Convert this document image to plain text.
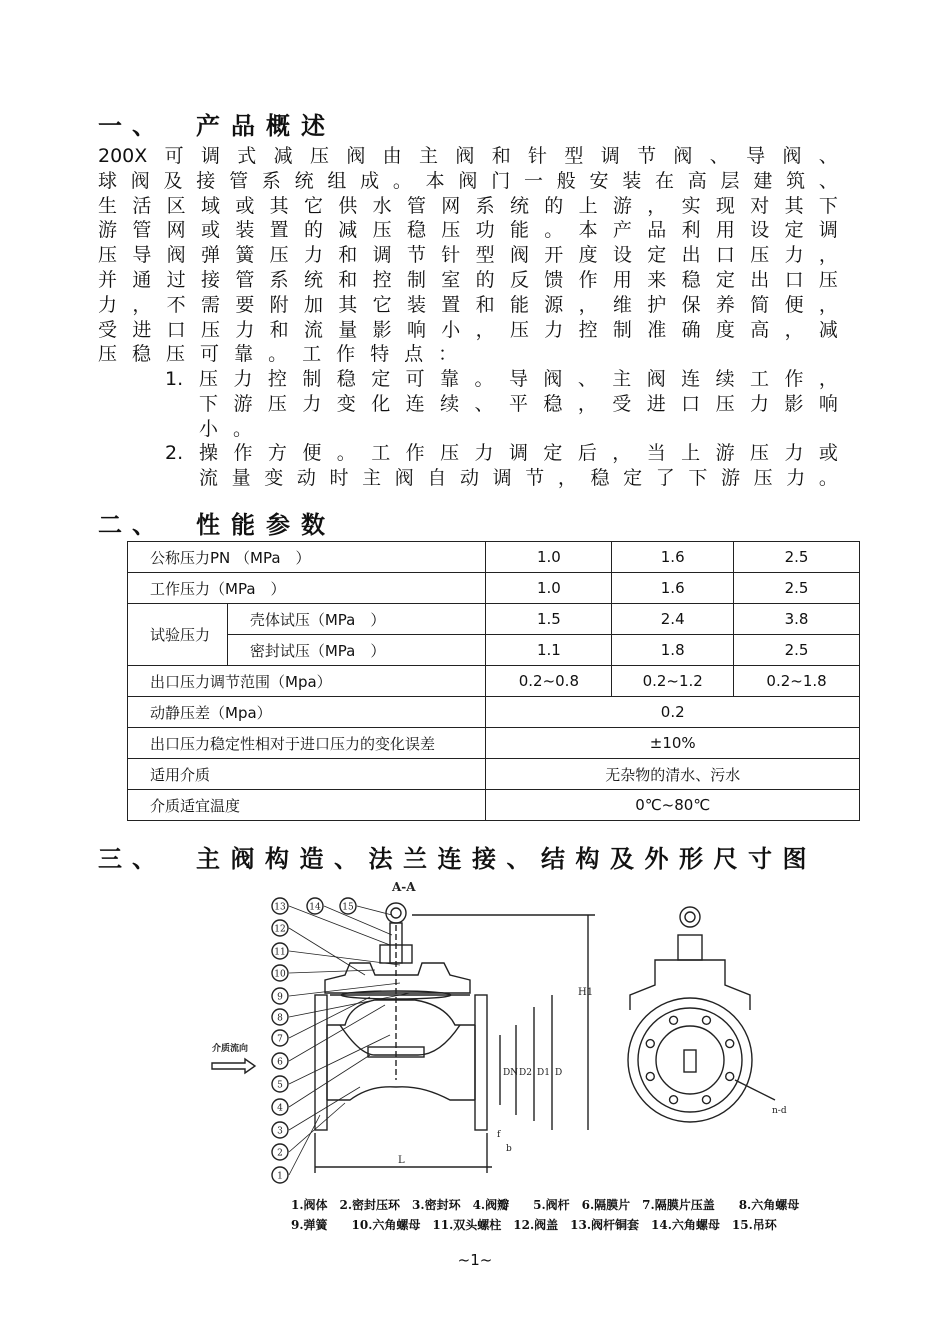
一、 产品概述
200X 可 调 式 减 压 阀 由 主 阀 和 针 型 调 节 阀 、 导 阀 、
球 阀 及 接 管 系 统 组 成 。 本 阀 门 一 般 安 装 在 高 层 建 筑 、
生 活 区 域 或 其 它 供 水 管 网 系 统 的 上 游 ， 实 现 对 其 下
游 管 网 或 装 置 的 减 压 稳 压 功 能 。 本 产 品 利 用 设 定 调
压 导 阀 弹 簧 压 力 和 调 节 针 型 阀 开 度 设 定 出 口 压 力 ，
并 通 过 接 管 系 统 和 控 制 室 的 反 馈 作 用 来 稳 定 出 口 压
力 ， 不 需 要 附 加 其 它 装 置 和 能 源 ， 维 护 保 养 简 便 ，
受 进 口 压 力 和 流 量 影 响 小 ， 压 力 控 制 准 确 度 高 ， 减
压 稳 压 可 靠 。 工 作 特 点 ：
1. 压 力 控 制 稳 定 可 靠 。 导 阀 、 主 阀 连 续 工 作 ，
下 游 压 力 变 化 连 续 、 平 稳 ， 受 进 口 压 力 影 响
小 。
2. 操 作 方 便 。 工 作 压 力 调 定 后 ， 当 上 游 压 力 或
流 量 变 动 时 主 阀 自 动 调 节 ， 稳 定 了 下 游 压 力 。
二、 性能参数
公称压力PN （MPa　）		1.0	1.6	2.5
工作压力（MPa　）		1.0	1.6	2.5
试验压力	壳体试压（MPa　）	1.5	2.4	3.8
	密封试压（MPa　）	1.1	1.8	2.5
出口压力调节范围（Mpa）		0.2~0.8	0.2~1.2	0.2~1.8
动静压差（Mpa）		0.2		
出口压力稳定性相对于进口压力的变化误差		±10%		
适用介质		无杂物的清水、污水		
介质适宜温度		0℃~80℃		
三、 主阀构造、法兰连接、结构及外形尺寸图
A-A
介质流向
H1
DN D2 D1 D
L
f
b
1
2
3
4
5
6
7
8
9
10
11
12
13	14 15
n-d
1.阀体　2.密封压环　3.密封环　4.阀瓣　　5.阀杆　6.隔膜片　7.隔膜片压盖　　8.六角螺母
9.弹簧　　10.六角螺母　11.双头螺柱　12.阀盖　13.阀杆铜套　14.六角螺母　15.吊环
~1~
